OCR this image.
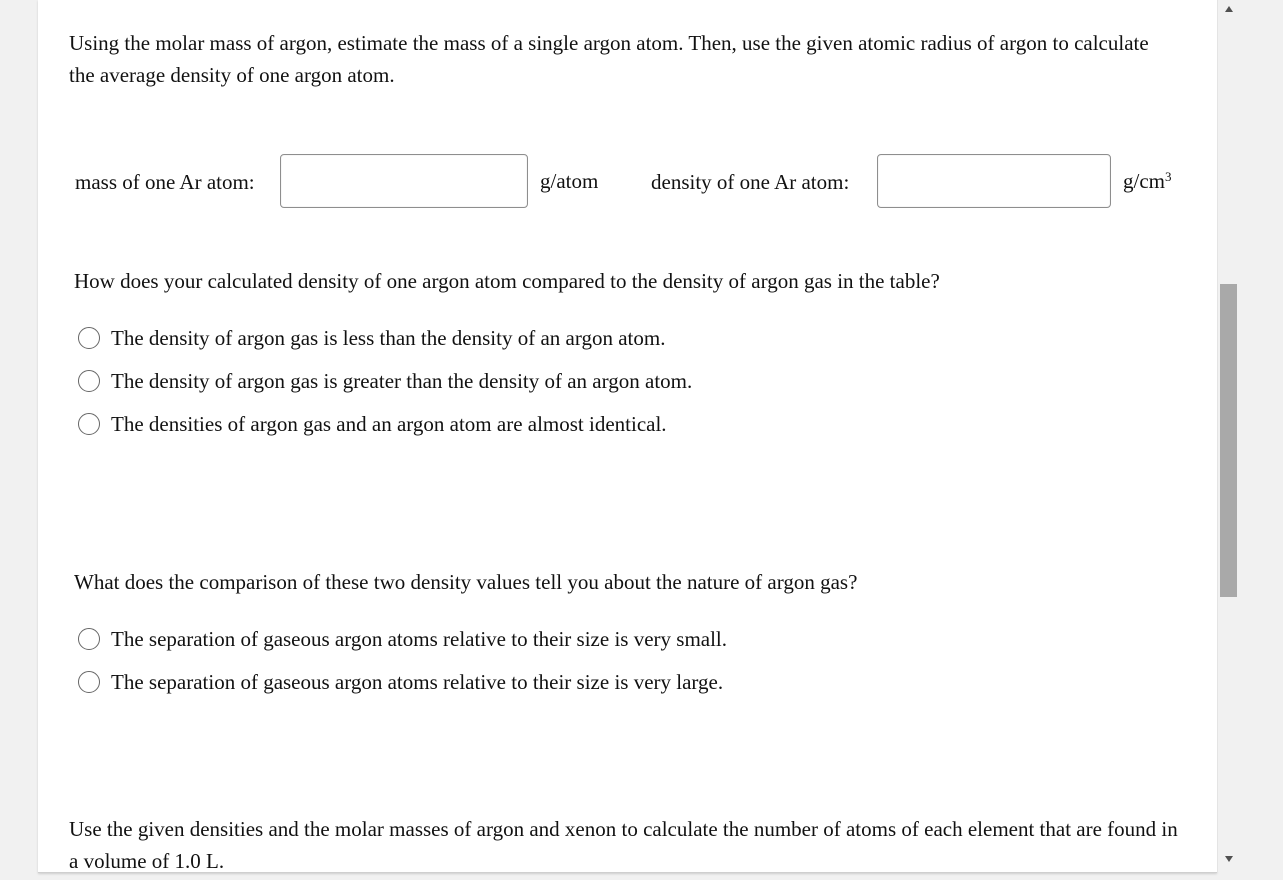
Using the molar mass of argon, estimate the mass of a single argon atom. Then, use the given atomic radius of argon to calculate the average density of one argon atom.
mass of one Ar atom:	g/atom	density of one Ar atom:	$g/cm^3$
How does your calculated density of one argon atom compared to the density of argon gas in the table?
The density of argon gas is less than the density of an argon atom.
The density of argon gas is greater than the density of an argon atom.
The densities of argon gas and an argon atom are almost identical.
What does the comparison of these two density values tell you about the nature of argon gas?
The separation of gaseous argon atoms relative to their size is very small.
The separation of gaseous argon atoms relative to their size is very large.
Use the given densities and the molar masses of argon and xenon to calculate the number of atoms of each element that are found in a volume of 1.0 L.
